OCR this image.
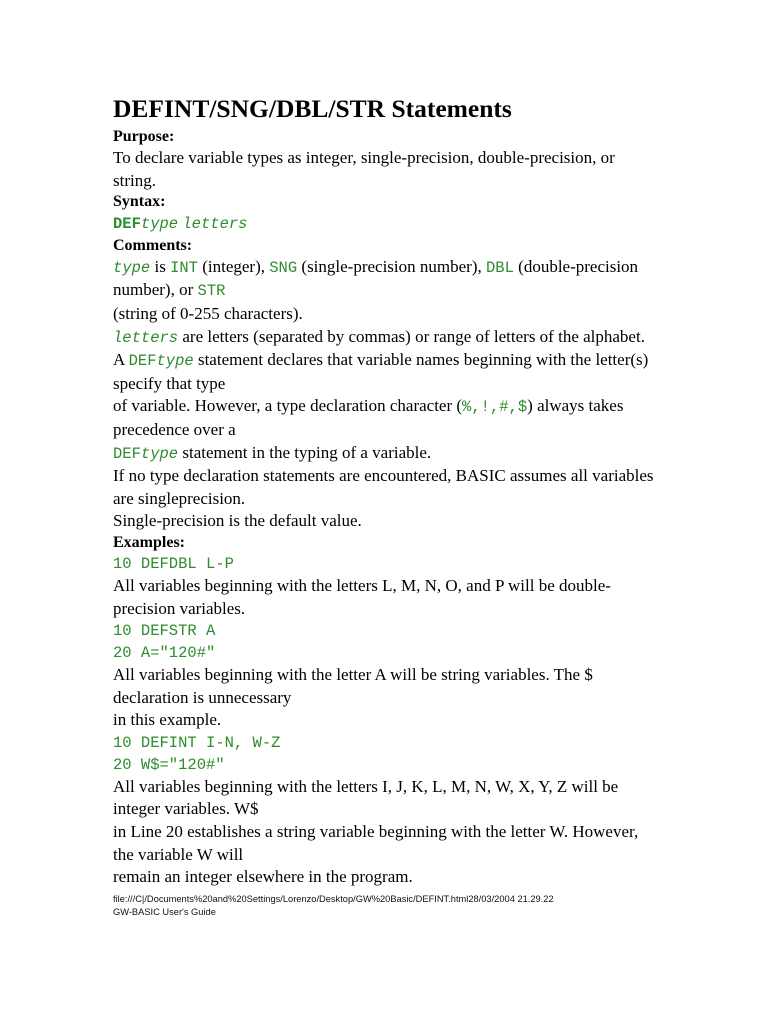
DEFINT/SNG/DBL/STR Statements
Purpose:

To declare variable types as integer, single-precision, double-precision, or string.

Syntax:
DEFtype letters
Comments:

type is INT (integer), SNG (single-precision number), DBL (double-precision number), or STR

(string of 0-255 characters).

letters are letters (separated by commas) or range of letters of the alphabet.

A DEFtype statement declares that variable names beginning with the letter(s) specify that type

of variable. However, a type declaration character (%,!,#,$) always takes precedence over a

DEFtype statement in the typing of a variable.

If no type declaration statements are encountered, BASIC assumes all variables are singleprecision.

Single-precision is the default value.

Examples:
10 DEFDBL L-P

All variables beginning with the letters L, M, N, O, and P will be double-precision variables.

10 DEFSTR A
20 A="120#"

All variables beginning with the letter A will be string variables. The $ declaration is unnecessary

in this example.

10 DEFINT I-N, W-Z
20 W$="120#"

All variables beginning with the letters I, J, K, L, M, N, W, X, Y, Z will be integer variables. W$

in Line 20 establishes a string variable beginning with the letter W. However, the variable W will

remain an integer elsewhere in the program.

file:///C|/Documents%20and%20Settings/Lorenzo/Desktop/GW%20Basic/DEFINT.html28/03/2004 21.29.22
GW-BASIC User's Guide
